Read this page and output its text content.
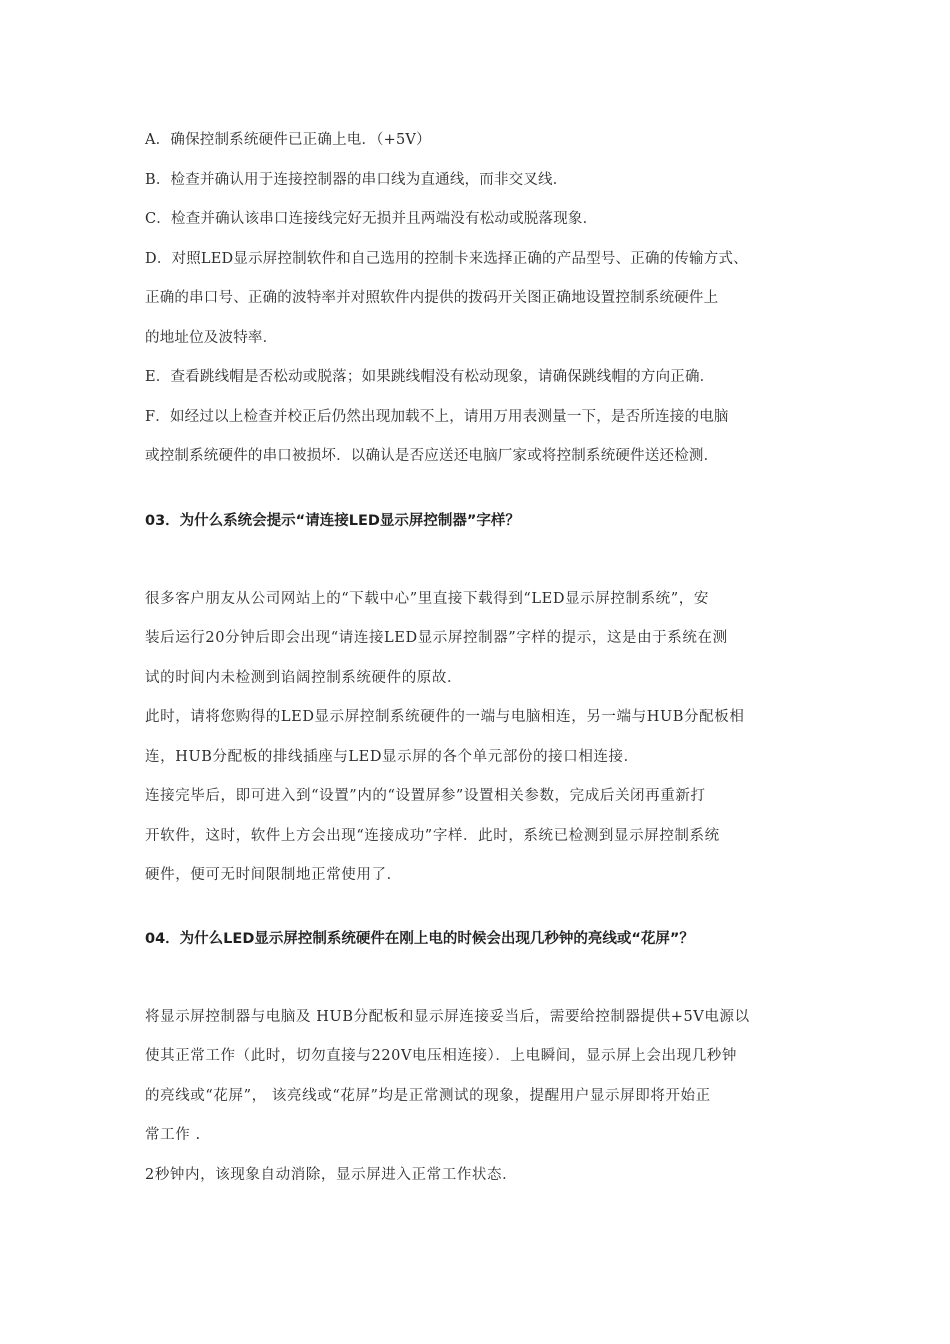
A．确保控制系统硬件已正确上电．（+5V）
B．检查并确认用于连接控制器的串口线为直通线，而非交叉线．
C．检查并确认该串口连接线完好无损并且两端没有松动或脱落现象．
D．对照LED显示屏控制软件和自己选用的控制卡来选择正确的产品型号、正确的传输方式、
正确的串口号、正确的波特率并对照软件内提供的拨码开关图正确地设置控制系统硬件上
的地址位及波特率．
E．查看跳线帽是否松动或脱落；如果跳线帽没有松动现象，请确保跳线帽的方向正确．
F．如经过以上检查并校正后仍然出现加载不上，请用万用表测量一下，是否所连接的电脑
或控制系统硬件的串口被损坏．以确认是否应送还电脑厂家或将控制系统硬件送还检测．
03．为什么系统会提示“请连接LED显示屏控制器”字样？
很多客户朋友从公司网站上的“下载中心”里直接下载得到“LED显示屏控制系统”，安
装后运行20分钟后即会出现“请连接LED显示屏控制器”字样的提示，这是由于系统在测
试的时间内未检测到谄阔控制系统硬件的原故．
此时，请将您购得的LED显示屏控制系统硬件的一端与电脑相连，另一端与HUB分配板相
连，HUB分配板的排线插座与LED显示屏的各个单元部份的接口相连接．
连接完毕后，即可进入到“设置”内的“设置屏参”设置相关参数，完成后关闭再重新打
开软件，这时，软件上方会出现“连接成功”字样．此时，系统已检测到显示屏控制系统
硬件，便可无时间限制地正常使用了．
04．为什么LED显示屏控制系统硬件在刚上电的时候会出现几秒钟的亮线或“花屏”？
将显示屏控制器与电脑及 HUB分配板和显示屏连接妥当后，需要给控制器提供+5V电源以
使其正常工作（此时，切勿直接与220V电压相连接）．上电瞬间，显示屏上会出现几秒钟
的亮线或“花屏”， 该亮线或“花屏”均是正常测试的现象，提醒用户显示屏即将开始正
常工作 .
2秒钟内，该现象自动消除，显示屏进入正常工作状态．
